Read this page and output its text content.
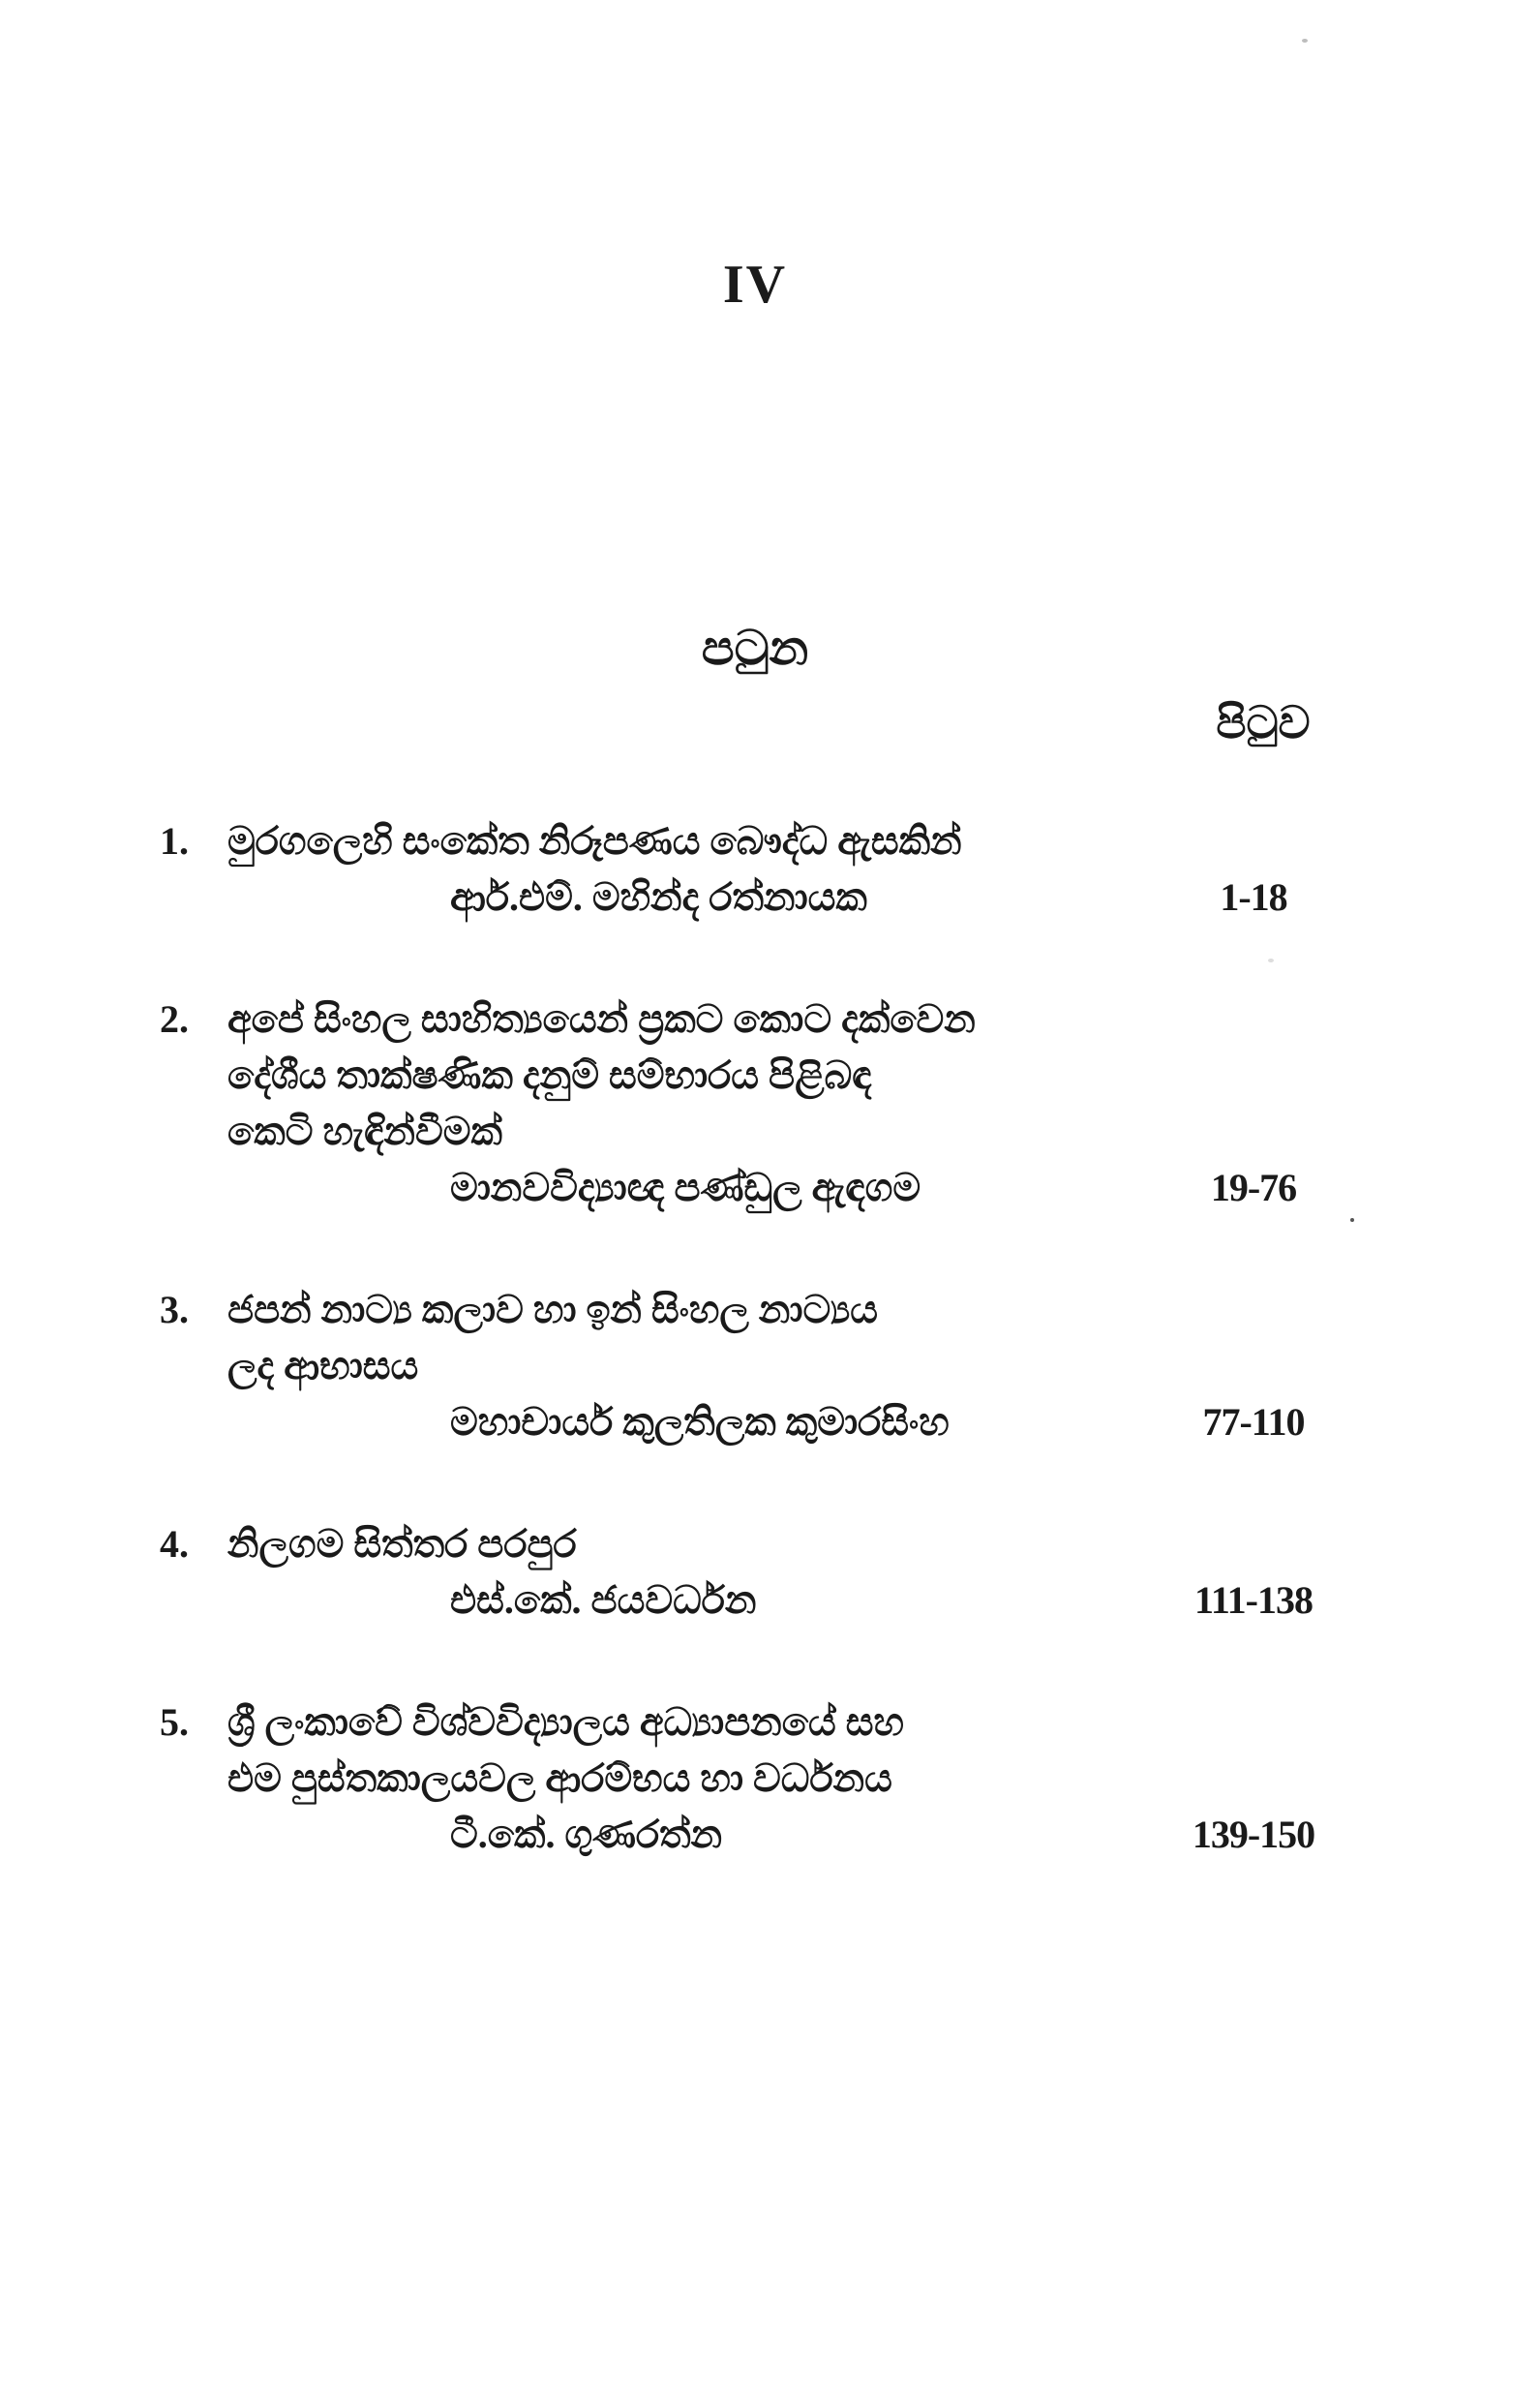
IV
පටුන
පිටුව
1.	මුරගලෙහි සංකේත නිරූපණය බෞද්ධ ඇසකින්
ආර්.එම්. මහින්ද රත්නායක	1-18
2.	අපේ සිංහල සාහිත්‍යයෙන් ප්‍රකට කොට දක්වෙන
දේශීය තාක්ෂණික දනුම් සම්භාරය පිළිබඳ
කෙටි හැඳින්වීමක්
මානවවිද්‍යාඥ පණ්ඩුල ඇඳගම	19-76
3.	ජපන් නාට්‍ය කලාව හා ඉන් සිංහල නාට්‍යය
ලද ආභාසය
මහාචාර්ය කුලතිලක කුමාරසිංහ	77-110
4.	නිලගම සිත්තර පරපුර
එස්.කේ. ජයවර්ධන	111-138
5.	ශ්‍රී ලංකාවේ විශ්වවිද්‍යාලය අධ්‍යාපනයේ සහ
එම පුස්තකාලයවල ආරම්භය හා වර්ධනය
ටී.කේ. ගුණරත්න	139-150
